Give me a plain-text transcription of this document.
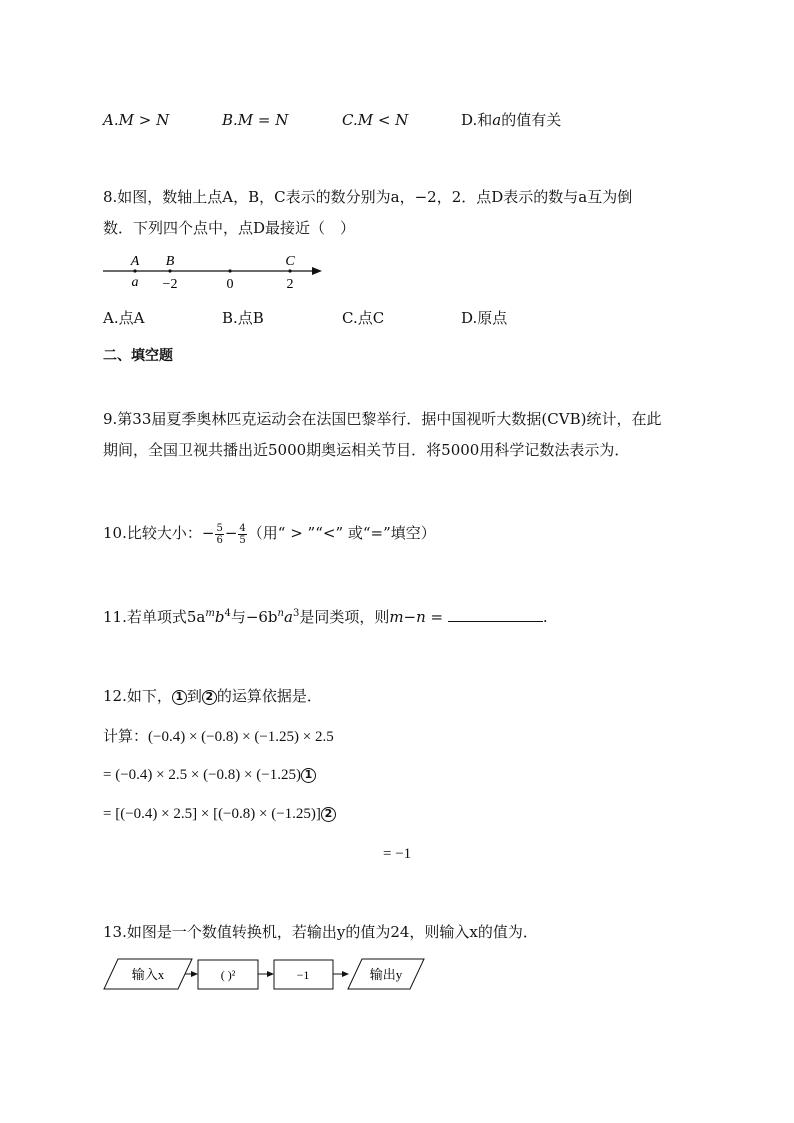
A.M > N	B.M = N	C.M < N	D.和a的值有关
8.如图，数轴上点A，B，C表示的数分别为a，−2，2．点D表示的数与a互为倒
数．下列四个点中，点D最接近（　）
A B	C
a −2	0	2
A.点A	B.点B	C.点C	D.原点
二、填空题
9.第33届夏季奥林匹克运动会在法国巴黎举行．据中国视听大数据(CVB)统计，在此
期间，全国卫视共播出近5000期奥运相关节目．将5000用科学记数法表示为．
10.比较大小：− $\frac{5}{6} - \frac{4}{5}$ （用“ > ”“<” 或“=”填空）
11.若单项式$5a^mb^4$与$-6b^na^3$是同类项，则m−n =	.
12.如下， 1 到 2 的运算依据是．
计算：(−0.4) × (−0.8) × (−1.25) × 2.5
= (−0.4) × 2.5 × (−0.8) × (−1.25) 1
= [(−0.4) × 2.5] × [(−0.8) × (−1.25)] 2
= −1
13.如图是一个数值转换机，若输出y的值为24，则输入x的值为．
输入x	( )²	−1	输出y
